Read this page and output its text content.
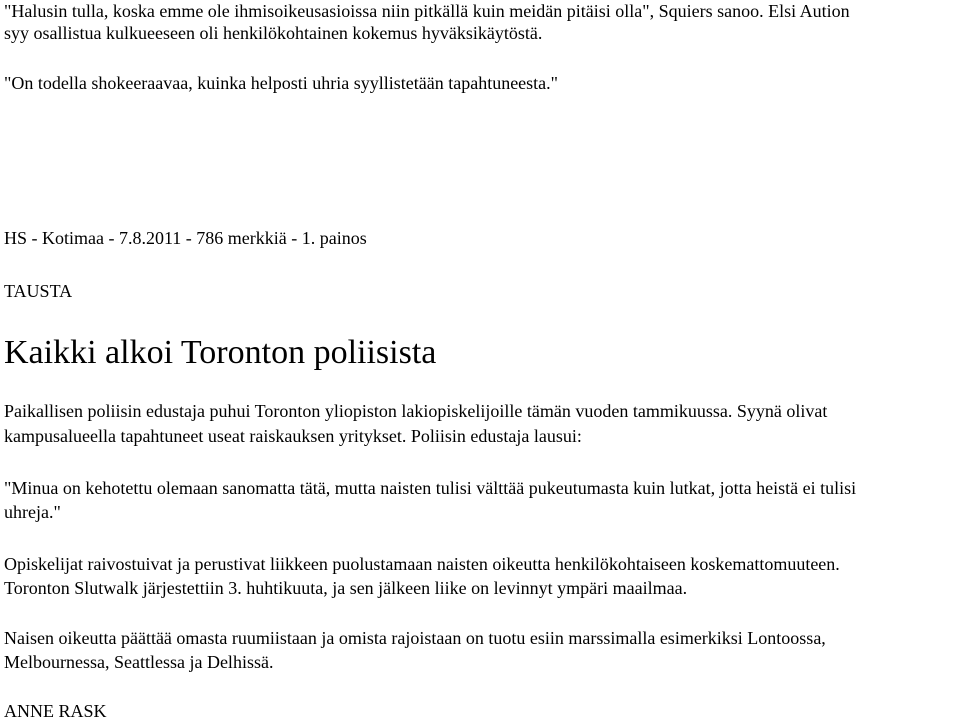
"Halusin tulla, koska emme ole ihmisoikeusasioissa niin pitkällä kuin meidän pitäisi olla", Squiers sanoo. Elsi Aution

syy osallistua kulkueeseen oli henkilökohtainen kokemus hyväksikäytöstä.

"On todella shokeeraavaa, kuinka helposti uhria syyllistetään tapahtuneesta."

HS - Kotimaa - 7.8.2011 - 786 merkkiä - 1. painos

TAUSTA

Kaikki alkoi Toronton poliisista

Paikallisen poliisin edustaja puhui Toronton yliopiston lakiopiskelijoille tämän vuoden tammikuussa. Syynä olivat

kampusalueella tapahtuneet useat raiskauksen yritykset. Poliisin edustaja lausui:

"Minua on kehotettu olemaan sanomatta tätä, mutta naisten tulisi välttää pukeutumasta kuin lutkat, jotta heistä ei tulisi

uhreja."

Opiskelijat raivostuivat ja perustivat liikkeen puolustamaan naisten oikeutta henkilökohtaiseen koskemattomuuteen.

Toronton Slutwalk järjestettiin 3. huhtikuuta, ja sen jälkeen liike on levinnyt ympäri maailmaa.

Naisen oikeutta päättää omasta ruumiistaan ja omista rajoistaan on tuotu esiin marssimalla esimerkiksi Lontoossa,

Melbournessa, Seattlessa ja Delhissä.

ANNE RASK
